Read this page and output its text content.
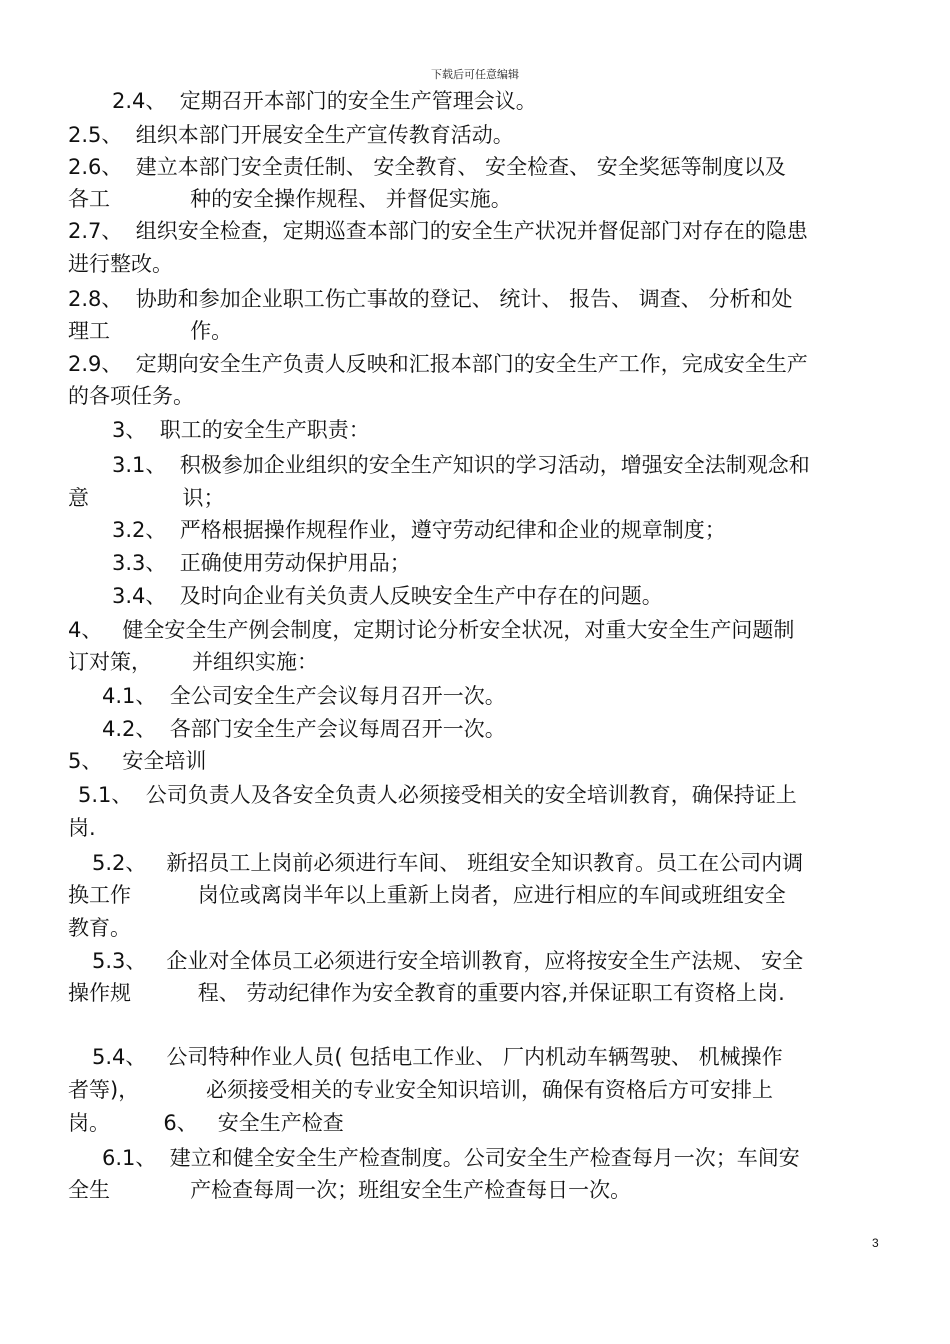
下载后可任意编辑
2.4、  定期召开本部门的安全生产管理会议。
2.5、  组织本部门开展安全生产宣传教育活动。
2.6、  建立本部门安全责任制、 安全教育、 安全检查、 安全奖惩等制度以及
各工            种的安全操作规程、 并督促实施。
2.7、  组织安全检查，定期巡查本部门的安全生产状况并督促部门对存在的隐患
进行整改。
2.8、  协助和参加企业职工伤亡事故的登记、 统计、 报告、 调查、 分析和处
理工            作。
2.9、  定期向安全生产负责人反映和汇报本部门的安全生产工作，完成安全生产
的各项任务。
3、  职工的安全生产职责：
3.1、  积极参加企业组织的安全生产知识的学习活动，增强安全法制观念和
意              识；
3.2、  严格根据操作规程作业，遵守劳动纪律和企业的规章制度；
3.3、  正确使用劳动保护用品；
3.4、  及时向企业有关负责人反映安全生产中存在的问题。
4、   健全安全生产例会制度，定期讨论分析安全状况，对重大安全生产问题制
订对策，      并组织实施：
4.1、  全公司安全生产会议每月召开一次。
4.2、  各部门安全生产会议每周召开一次。
5、   安全培训
5.1、  公司负责人及各安全负责人必须接受相关的安全培训教育，确保持证上
岗.
5.2、   新招员工上岗前必须进行车间、 班组安全知识教育。员工在公司内调
换工作          岗位或离岗半年以上重新上岗者，应进行相应的车间或班组安全
教育。
5.3、   企业对全体员工必须进行安全培训教育，应将按安全生产法规、 安全
操作规          程、 劳动纪律作为安全教育的重要内容,并保证职工有资格上岗.
5.4、   公司特种作业人员( 包括电工作业、 厂内机动车辆驾驶、 机械操作
者等)，          必须接受相关的专业安全知识培训，确保有资格后方可安排上
岗。        6、   安全生产检查
6.1、  建立和健全安全生产检查制度。公司安全生产检查每月一次；车间安
全生            产检查每周一次；班组安全生产检查每日一次。
3
